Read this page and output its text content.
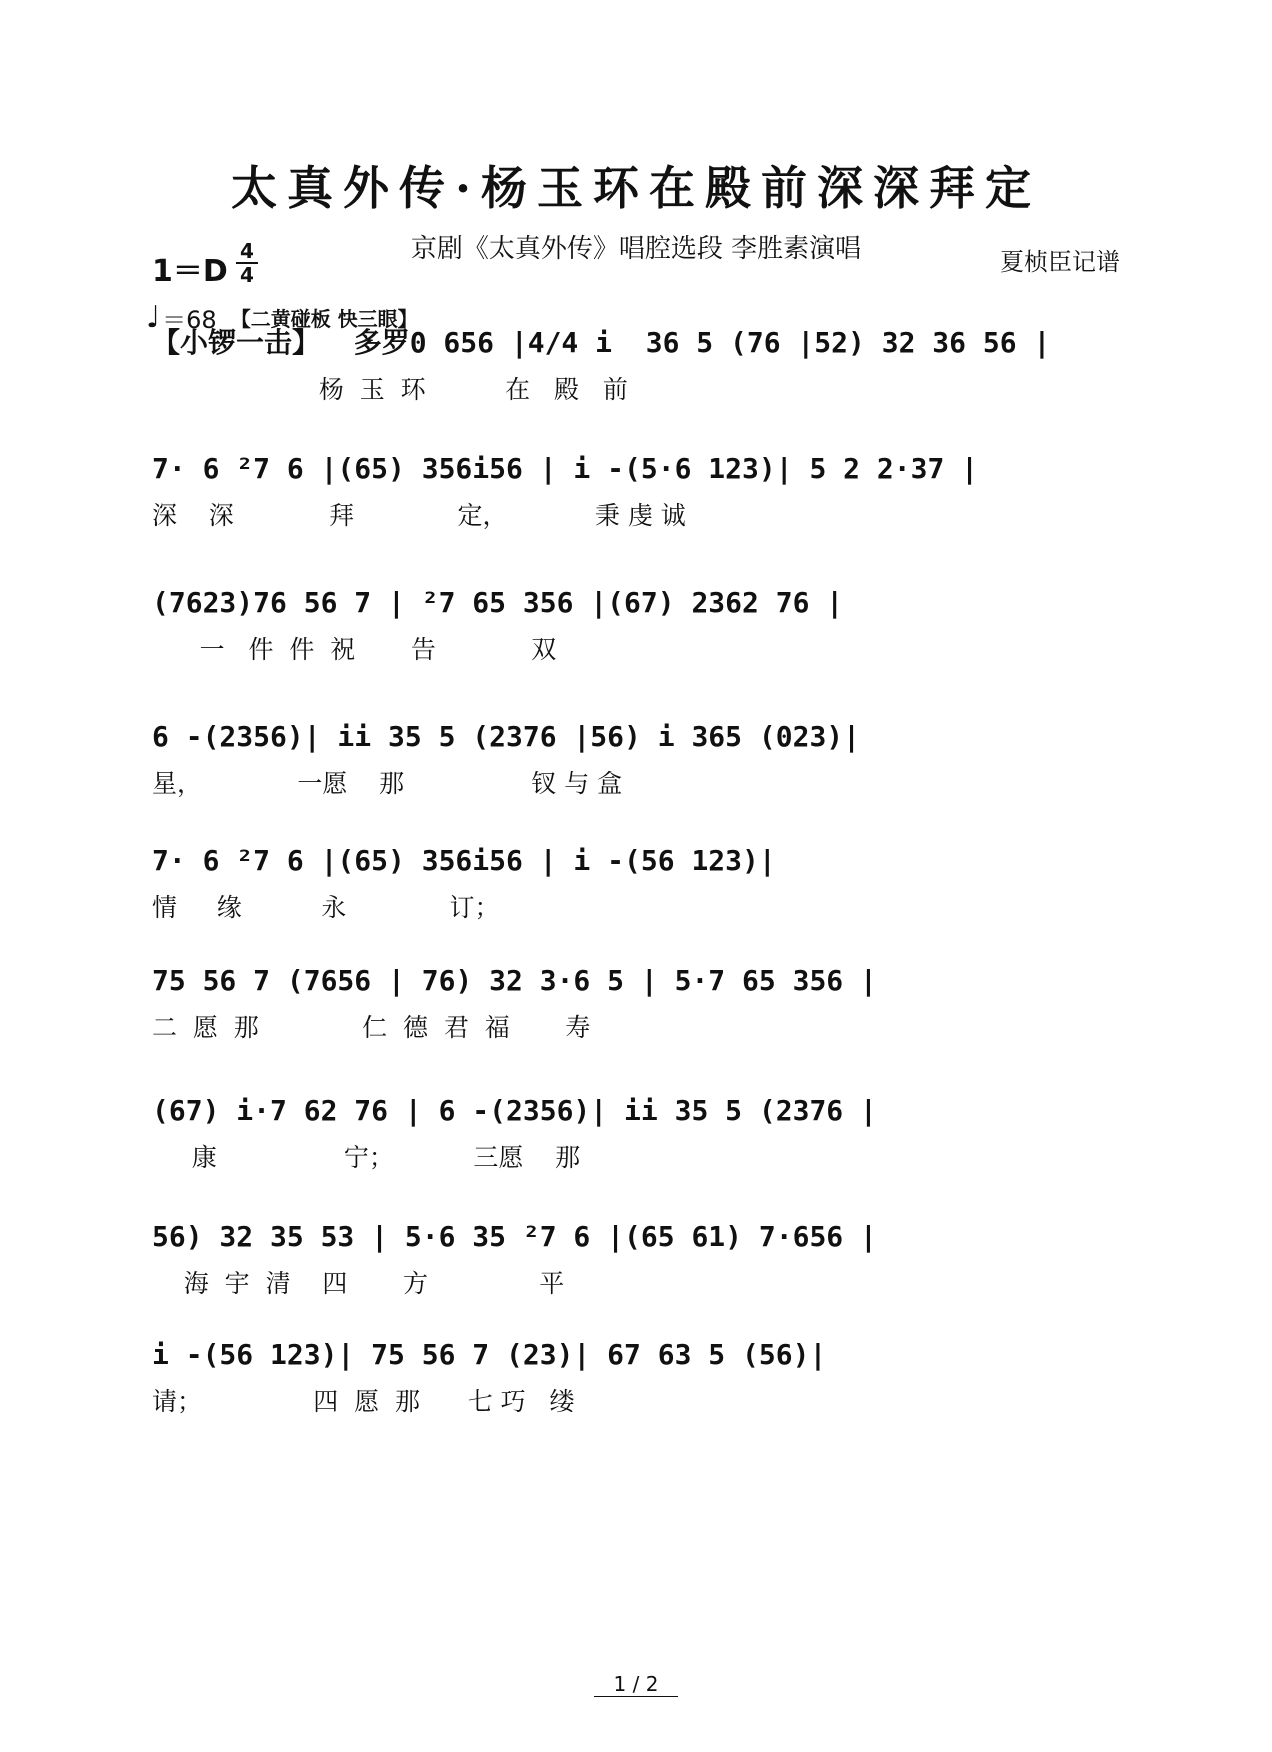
太真外传·杨玉环在殿前深深拜定
京剧《太真外传》唱腔选段 李胜素演唱	夏桢臣记谱
1＝D
4
4
♩ ＝68 【二黄碰板 快三眼】
【小锣一击】  多罗0 656 |4/4 i  36 5 (76 |52) 32 36 56 |
杨  玉  环          在   殿   前
7· 6 ²7 6 |(65) 356i56 | i -(5·6 123)| 5 2 2·37 |
深    深            拜             定，           秉 虔 诚
(7623)76 56 7 | ²7 65 356 |(67) 2362 76 |
一   件  件  祝       告            双
6 -(2356)| ii 35 5 (2376 |56) i 365 (023)|
星，            一愿    那                钗 与 盒
7· 6 ²7 6 |(65) 356i56 | i -(56 123)|
情     缘          永             订；
75 56 7 (7656 | 76) 32 3·6 5 | 5·7 65 356 |
二  愿  那             仁  德  君  福       寿
(67) i·7 62 76 | 6 -(2356)| ii 35 5 (2376 |
康                宁；          三愿    那
56) 32 35 53 | 5·6 35 ²7 6 |(65 61) 7·656 |
海  宇  清    四       方              平
i -(56 123)| 75 56 7 (23)| 67 63 5 (56)|
请；              四  愿  那      七 巧   缕
1 / 2
